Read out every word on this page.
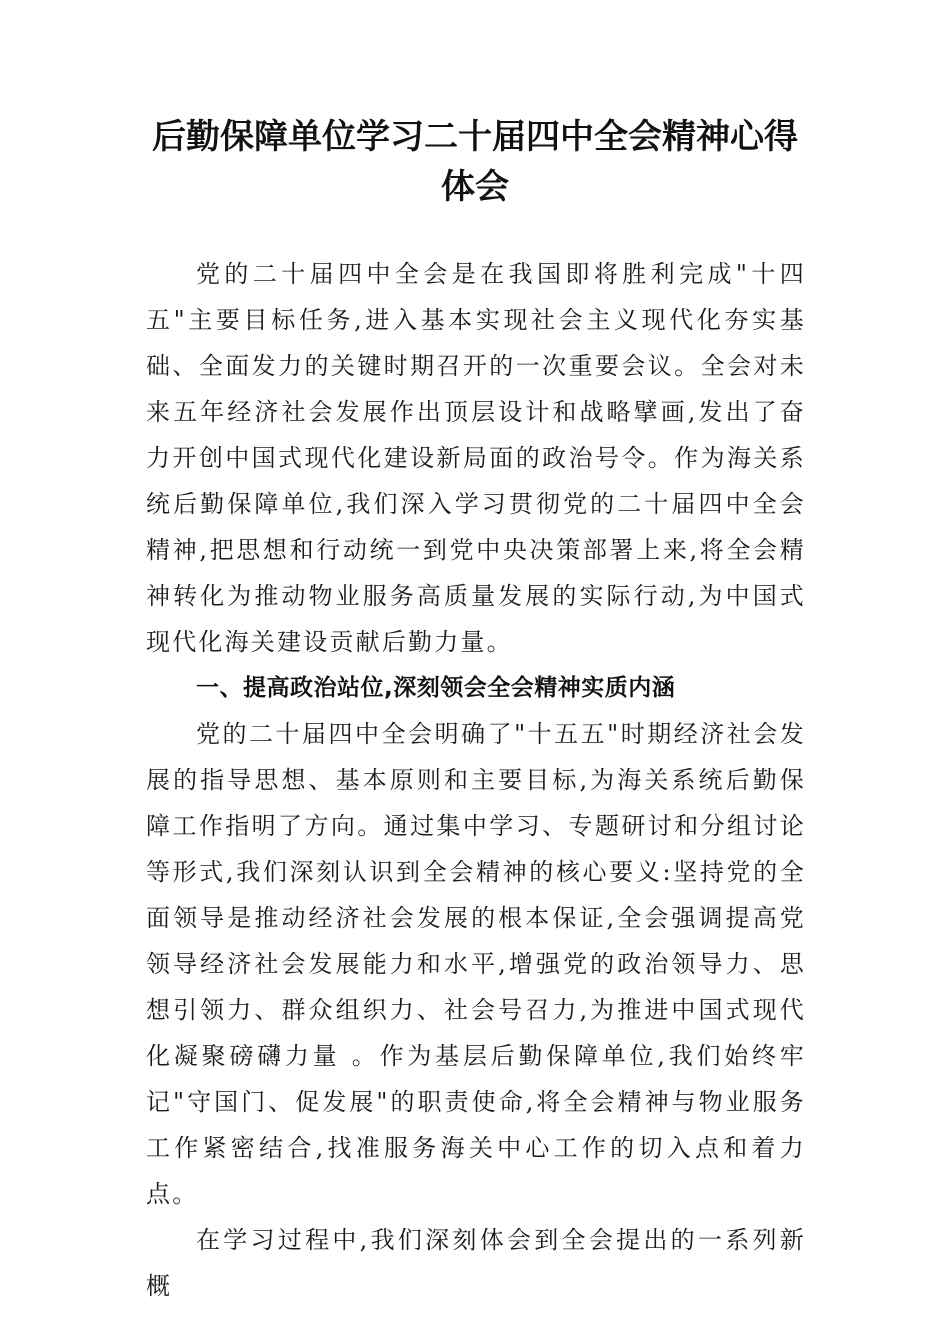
后勤保障单位学习二十届四中全会精神心得体会

党的二十届四中全会是在我国即将胜利完成"十四五"主要目标任务,进入基本实现社会主义现代化夯实基础、全面发力的关键时期召开的一次重要会议。全会对未来五年经济社会发展作出顶层设计和战略擘画,发出了奋力开创中国式现代化建设新局面的政治号令。作为海关系统后勤保障单位,我们深入学习贯彻党的二十届四中全会精神,把思想和行动统一到党中央决策部署上来,将全会精神转化为推动物业服务高质量发展的实际行动,为中国式现代化海关建设贡献后勤力量。

一、提高政治站位,深刻领会全会精神实质内涵

党的二十届四中全会明确了"十五五"时期经济社会发展的指导思想、基本原则和主要目标,为海关系统后勤保障工作指明了方向。通过集中学习、专题研讨和分组讨论等形式,我们深刻认识到全会精神的核心要义:坚持党的全面领导是推动经济社会发展的根本保证,全会强调提高党领导经济社会发展能力和水平,增强党的政治领导力、思想引领力、群众组织力、社会号召力,为推进中国式现代化凝聚磅礴力量 。作为基层后勤保障单位,我们始终牢记"守国门、促发展"的职责使命,将全会精神与物业服务工作紧密结合,找准服务海关中心工作的切入点和着力点。

在学习过程中,我们深刻体会到全会提出的一系列新概
